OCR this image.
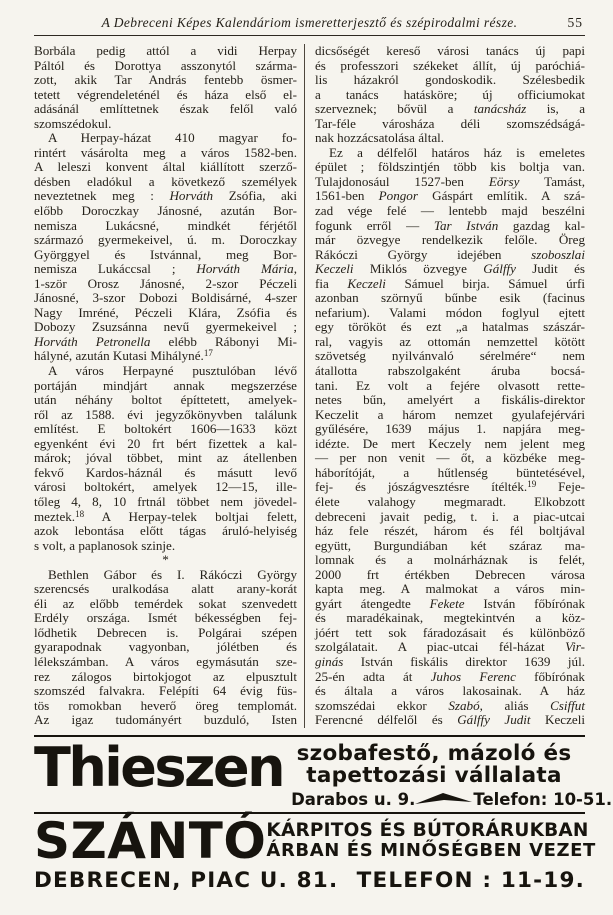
A Debreceni Képes Kalendáriom ismeretterjesztő és szépirodalmi része.	55
Borbála pedig attól a vidi Herpay
Páltól és Dorottya asszonytól szárma-
zott, akik Tar András fentebb ösmer-
tetett végrendeleténél és háza első el-
adásánál említtetnek észak felől való
szomszédokul.
A Herpay-házat 410 magyar fo-
rintért vásárolta meg a város 1582-ben.
A leleszi konvent által kiállított szerző-
désben eladókul a következő személyek
neveztetnek meg : Horváth Zsófia, aki
előbb Doroczkay Jánosné, azután Bor-
nemisza Lukácsné, mindkét férjétől
származó gyermekeivel, ú. m. Doroczkay
Györggyel és Istvánnal, meg Bor-
nemisza Lukáccsal ; Horváth Mária,
1-ször Orosz Jánosné, 2-szor Péczeli
Jánosné, 3-szor Dobozi Boldisárné, 4-szer
Nagy Imréné, Péczeli Klára, Zsófia és
Dobozy Zsuzsánna nevű gyermekeivel ;
Horváth Petronella elébb Rábonyi Mi-
hályné, azután Kutasi Mihályné.$^{17}$
A város Herpayné pusztulóban lévő
portáján mindjárt annak megszerzése
után néhány boltot építtetett, amelyek-
ről az 1588. évi jegyzőkönyvben találunk
említést. E boltokért 1606—1633 közt
egyenként évi 20 frt bért fizettek a kal-
márok; jóval többet, mint az átellenben
fekvő Kardos-háznál és másutt levő
városi boltokért, amelyek 12—15, ille-
tőleg 4, 8, 10 frtnál többet nem jövedel-
meztek.$^{18}$ A Herpay-telek boltjai felett,
azok lebontása előtt tágas áruló-helyiség
s volt, a paplanosok szinje.
*
Bethlen Gábor és I. Rákóczi György
szerencsés uralkodása alatt arany-korát
éli az előbb temérdek sokat szenvedett
Erdély országa. Ismét békességben fej-
lődhetik Debrecen is. Polgárai szépen
gyarapodnak vagyonban, jólétben és
lélekszámban. A város egymásután sze-
rez zálogos birtokjogot az elpusztult
szomszéd falvakra. Felépíti 64 évig füs-
tös romokban heverő öreg templomát.
Az igaz tudományért buzduló, Isten
dicsőségét kereső városi tanács új papi
és professzori székeket állít, új paróchiá-
lis házakról gondoskodik. Szélesbedik
a tanács hatásköre; új officiumokat
szerveznek; bővül a tanácsház is, a
Tar-féle városháza déli szomszédságá-
nak hozzácsatolása által.
Ez a délfelől határos ház is emeletes
épület ; földszintjén több kis boltja van.
Tulajdonosául 1527-ben Eörsy Tamást,
1561-ben Pongor Gáspárt említik. A szá-
zad vége felé — lentebb majd beszélni
fogunk erről — Tar István gazdag kal-
már özvegye rendelkezik felőle. Öreg
Rákóczi György idejében szoboszlai
Keczeli Miklós özvegye Gálffy Judit és
fia Keczeli Sámuel birja. Sámuel úrfi
azonban szörnyű bűnbe esik (facinus
nefarium). Valami módon foglyul ejtett
egy törököt és ezt „a hatalmas szászár-
ral, vagyis az ottomán nemzettel kötött
szövetség nyilvánvaló sérelmére“ nem
átallotta rabszolgaként áruba bocsá-
tani. Ez volt a fejére olvasott rette-
netes bűn, amelyért a fiskális-direktor
Keczelit a három nemzet gyulafejérvári
gyűlésére, 1639 május 1. napjára meg-
idézte. De mert Keczely nem jelent meg
— per non venit — őt, a közbéke meg-
háborítóját, a hűtlenség büntetésével,
fej- és jószágvesztésre ítélték.$^{19}$ Feje-
élete valahogy megmaradt. Elkobzott
debreceni javait pedig, t. i. a piac-utcai
ház fele részét, három és fél boltjával
együtt, Burgundiában két száraz ma-
lomnak és a molnárháznak is felét,
2000 frt értékben Debrecen városa
kapta meg. A malmokat a város min-
gyárt átengedte Fekete István főbírónak
és maradékainak, megtekintvén a köz-
jóért tett sok fáradozásait és különböző
szolgálatait. A piac-utcai fél-házat Vir-
ginás István fiskális direktor 1639 júl.
25-én adta át Juhos Ferenc főbírónak
és általa a város lakosainak. A ház
szomszédai ekkor Szabó, aliás Csiffut
Ferencné délfelől és Gálffy Judit Keczeli
Thieszen szobafestő, mázoló és
tapettozási vállalata
Darabos u. 9.	Telefon: 10-51.
SZÁNTÓ KÁRPITOS ÉS BÚTORÁRUKBAN
ÁRBAN ÉS MINŐSÉGBEN VEZET
DEBRECEN, PIAC U. 81. TELEFON : 11-19.
